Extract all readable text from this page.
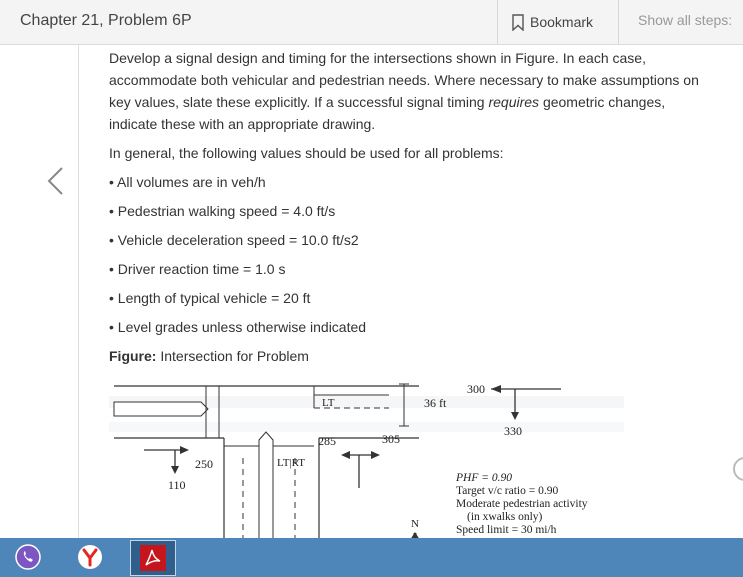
Chapter 21, Problem 6P	Bookmark	Show all steps:

Develop a signal design and timing for the intersections shown in Figure. In each case, accommodate both vehicular and pedestrian needs. Where necessary to make assumptions on key values, slate these explicitly. If a successful signal timing requires geometric changes, indicate these with an appropriate drawing.

In general, the following values should be used for all problems:

• All volumes are in veh/h

• Pedestrian walking speed = 4.0 ft/s

• Vehicle deceleration speed = 10.0 ft/s2

• Driver reaction time = 1.0 s

• Length of typical vehicle = 20 ft

• Level grades unless otherwise indicated

Figure: Intersection for Problem

LT	36 ft
LT|RT
300
330
285	305
250
110	PHF = 0.90
Target v/c ratio = 0.90
Moderate pedestrian activity
(in xwalks only)
Speed limit = 30 mi/h
N
